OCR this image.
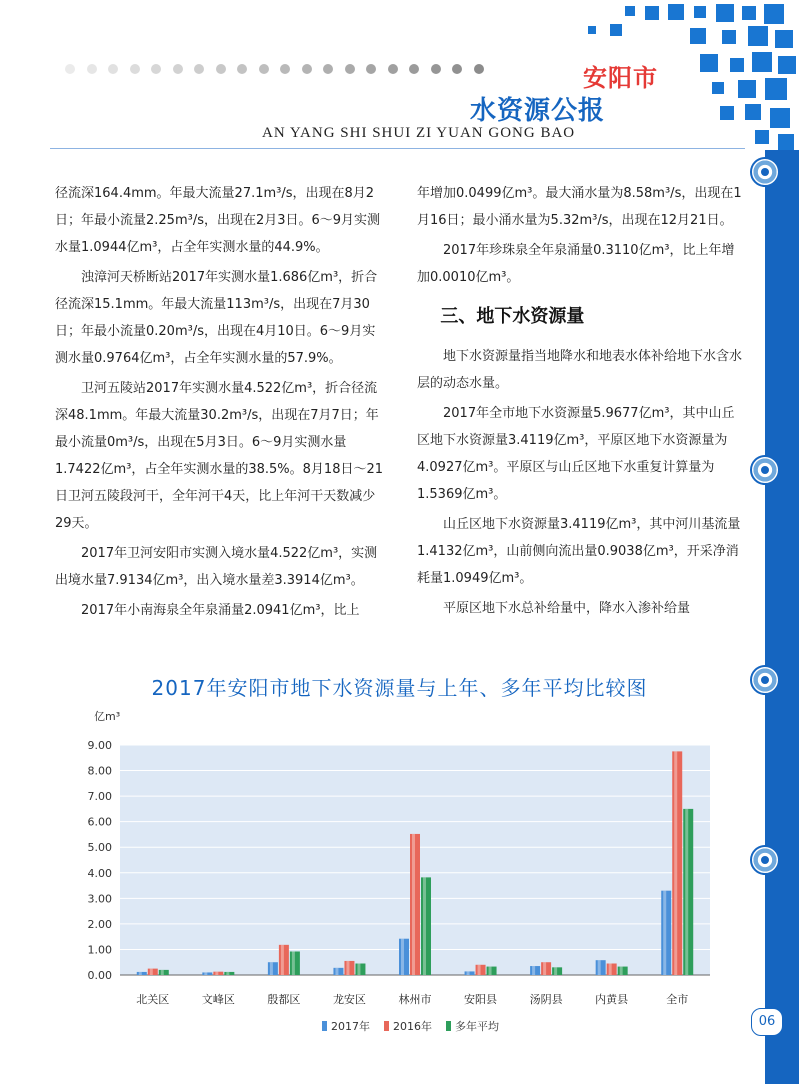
安阳市
水资源公报
AN YANG SHI SHUI ZI YUAN GONG BAO

径流深164.4mm。年最大流量27.1m³/s，出现在8月2日；年最小流量2.25m³/s，出现在2月3日。6～9月实测水量1.0944亿m³，占全年实测水量的44.9%。

浊漳河天桥断站2017年实测水量1.686亿m³，折合径流深15.1mm。年最大流量113m³/s，出现在7月30日；年最小流量0.20m³/s，出现在4月10日。6～9月实测水量0.9764亿m³，占全年实测水量的57.9%。

卫河五陵站2017年实测水量4.522亿m³，折合径流深48.1mm。年最大流量30.2m³/s，出现在7月7日；年最小流量0m³/s，出现在5月3日。6～9月实测水量1.7422亿m³，占全年实测水量的38.5%。8月18日～21日卫河五陵段河干，全年河干4天，比上年河干天数减少29天。

2017年卫河安阳市实测入境水量4.522亿m³，实测出境水量7.9134亿m³，出入境水量差3.3914亿m³。

2017年小南海泉全年泉涌量2.0941亿m³，比上

年增加0.0499亿m³。最大涌水量为8.58m³/s，出现在1月16日；最小涌水量为5.32m³/s，出现在12月21日。

2017年珍珠泉全年泉涌量0.3110亿m³，比上年增加0.0010亿m³。

三、地下水资源量

地下水资源量指当地降水和地表水体补给地下水含水层的动态水量。

2017年全市地下水资源量5.9677亿m³，其中山丘区地下水资源量3.4119亿m³，平原区地下水资源量为4.0927亿m³。平原区与山丘区地下水重复计算量为1.5369亿m³。

山丘区地下水资源量3.4119亿m³，其中河川基流量1.4132亿m³，山前侧向流出量0.9038亿m³，开采净消耗量1.0949亿m³。

平原区地下水总补给量中，降水入渗补给量

2017年安阳市地下水资源量与上年、多年平均比较图
亿m³
0.00
1.00
2.00
3.00
4.00
5.00
6.00
7.00
8.00
9.00
北关区	文峰区	殷都区	龙安区	林州市	安阳县	汤阴县	内黄县	全市
2017年 2016年 多年平均	06
